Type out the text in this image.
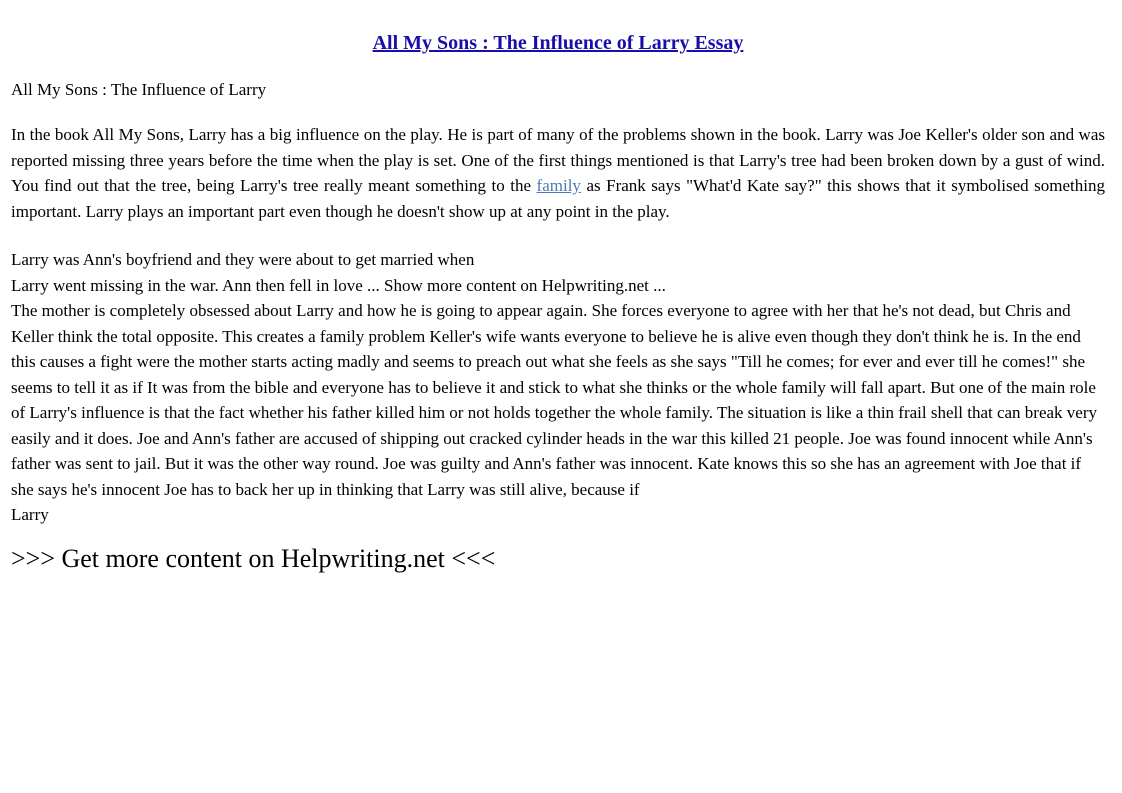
All My Sons : The Influence of Larry Essay

All My Sons : The Influence of Larry

In the book All My Sons, Larry has a big influence on the play. He is part of many of the problems shown in the book. Larry was Joe Keller's older son and was reported missing three years before the time when the play is set. One of the first things mentioned is that Larry's tree had been broken down by a gust of wind. You find out that the tree, being Larry's tree really meant something to the family as Frank says "What'd Kate say?" this shows that it symbolised something important. Larry plays an important part even though he doesn't show up at any point in the play.

Larry was Ann's boyfriend and they were about to get married when

Larry went missing in the war. Ann then fell in love ... Show more content on Helpwriting.net ...

The mother is completely obsessed about Larry and how he is going to appear again. She forces everyone to agree with her that he's not dead, but Chris and Keller think the total opposite. This creates a family problem Keller's wife wants everyone to believe he is alive even though they don't think he is. In the end this causes a fight were the mother starts acting madly and seems to preach out what she feels as she says "Till he comes; for ever and ever till he comes!" she seems to tell it as if It was from the bible and everyone has to believe it and stick to what she thinks or the whole family will fall apart. But one of the main role of Larry's influence is that the fact whether his father killed him or not holds together the whole family. The situation is like a thin frail shell that can break very easily and it does. Joe and Ann's father are accused of shipping out cracked cylinder heads in the war this killed 21 people. Joe was found innocent while Ann's father was sent to jail. But it was the other way round. Joe was guilty and Ann's father was innocent. Kate knows this so she has an agreement with Joe that if she says he's innocent Joe has to back her up in thinking that Larry was still alive, because if

Larry

>>> Get more content on Helpwriting.net <<<
